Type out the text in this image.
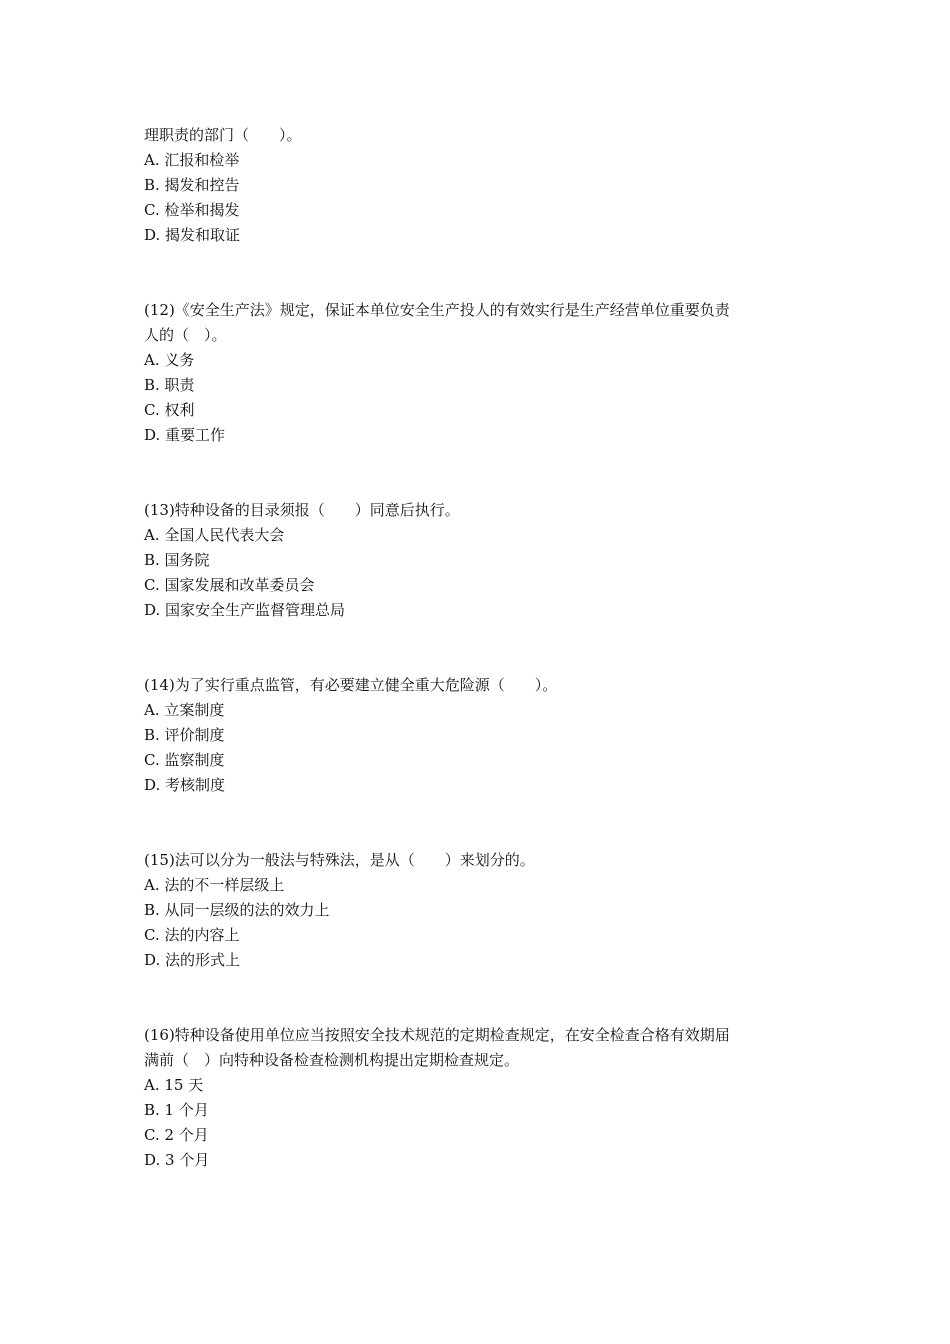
理职责的部门（　　）。
A. 汇报和检举
B. 揭发和控告
C. 检举和揭发
D. 揭发和取证
(12)《安全生产法》规定，保证本单位安全生产投人的有效实行是生产经营单位重要负责
人的（　）。
A. 义务
B. 职责
C. 权利
D. 重要工作
(13)特种设备的目录须报（　　）同意后执行。
A. 全国人民代表大会
B. 国务院
C. 国家发展和改革委员会
D. 国家安全生产监督管理总局
(14)为了实行重点监管，有必要建立健全重大危险源（　　）。
A. 立案制度
B. 评价制度
C. 监察制度
D. 考核制度
(15)法可以分为一般法与特殊法，是从（　　）来划分的。
A. 法的不一样层级上
B. 从同一层级的法的效力上
C. 法的内容上
D. 法的形式上
(16)特种设备使用单位应当按照安全技术规范的定期检查规定，在安全检查合格有效期届
满前（　）向特种设备检查检测机构提出定期检查规定。
A. 15 天
B. 1 个月
C. 2 个月
D. 3 个月
